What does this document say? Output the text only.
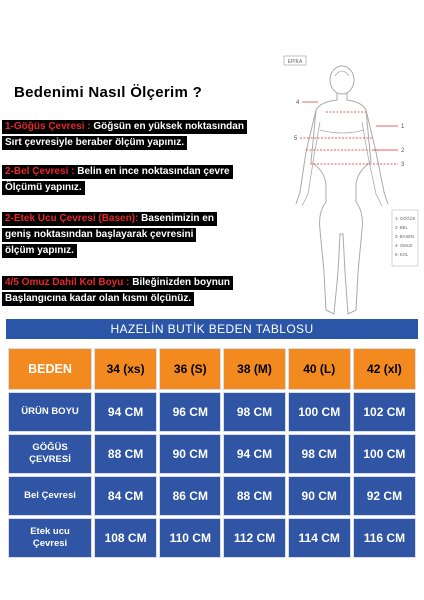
Bedenimi Nasıl Ölçerim ?
1-Göğüs Çevresi : Göğsün en yüksek noktasından
Sırt çevresiyle beraber ölçüm yapınız.
2-Bel Çevresi : Belin en ince noktasından çevre
Ölçümü yapınız.
2-Etek Ucu Çevresi (Basen): Basenimizin en
geniş noktasından başlayarak çevresini
ölçüm yapınız.
4/5 Omuz Dahil Kol Boyu : Bileğinizden boynun
Başlangıcına kadar olan kısmı ölçünüz.
EPIKA
4
1
5
2
3
1- GÖĞÜS
2- BEL
3- BASEN
4- OMUZ
5- KOL
HAZELİN BUTİK BEDEN TABLOSU
BEDEN	34 (xs)	36 (S)	38 (M)	40 (L)	42 (xl)
ÜRÜN BOYU	94 CM	96 CM	98 CM	100 CM	102 CM
GÖĞÜS
ÇEVRESİ	88 CM	90 CM	94 CM	98 CM	100 CM
Bel Çevresi	84 CM	86 CM	88 CM	90 CM	92 CM
Etek ucu
Çevresi	108 CM	110 CM	112 CM	114 CM	116 CM
